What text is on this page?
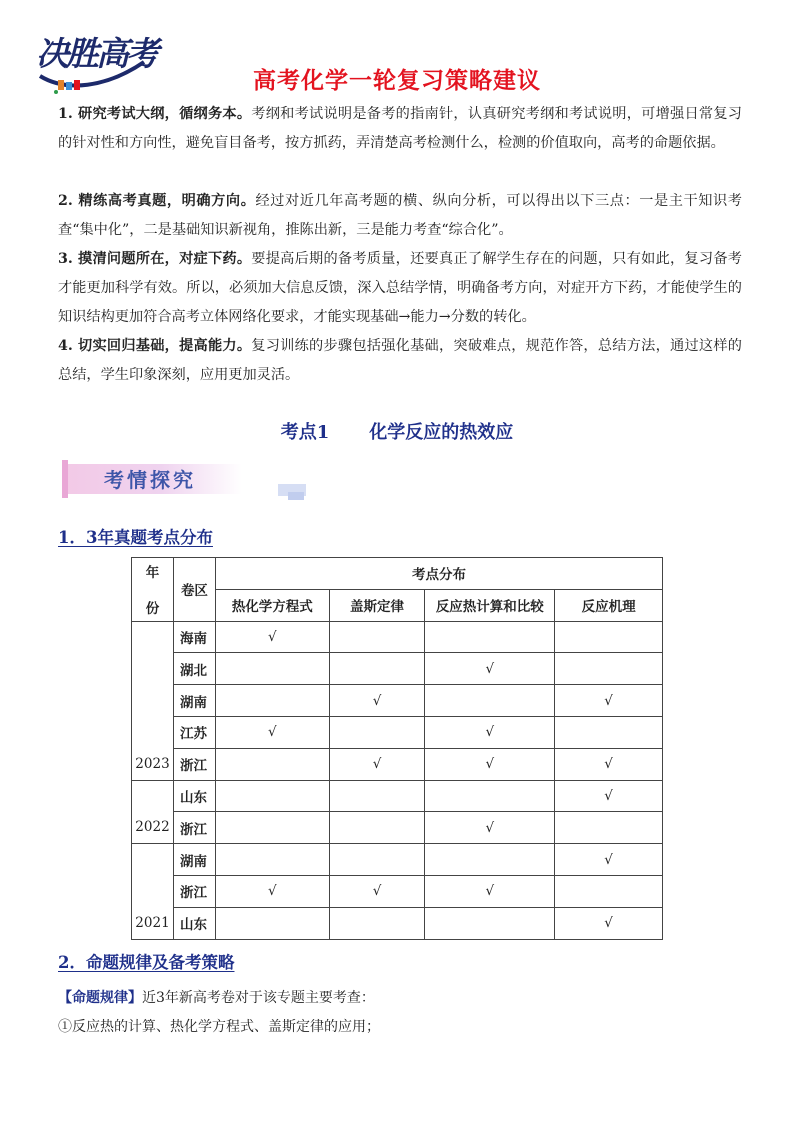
决胜高考
高考化学一轮复习策略建议
1. 研究考试大纲，循纲务本。考纲和考试说明是备考的指南针，认真研究考纲和考试说明，可增强日常复习的针对性和方向性，避免盲目备考，按方抓药，弄清楚高考检测什么，检测的价值取向，高考的命题依据。
2. 精练高考真题，明确方向。经过对近几年高考题的横、纵向分析，可以得出以下三点：一是主干知识考查“集中化”，二是基础知识新视角，推陈出新，三是能力考查“综合化”。
3. 摸清问题所在，对症下药。要提高后期的备考质量，还要真正了解学生存在的问题，只有如此，复习备考才能更加科学有效。所以，必须加大信息反馈，深入总结学情，明确备考方向，对症开方下药，才能使学生的知识结构更加符合高考立体网络化要求，才能实现基础→能力→分数的转化。
4. 切实回归基础，提高能力。复习训练的步骤包括强化基础，突破难点，规范作答，总结方法，通过这样的总结，学生印象深刻，应用更加灵活。
考点1 化学反应的热效应
考情探究
1．3年真题考点分布
年

份	卷区	考点分布			
		热化学方程式	盖斯定律	反应热计算和比较	反应机理
2023	海南	√			
	湖北			√	
	湖南		√		√
	江苏	√		√	
	浙江		√	√	√
2022	山东				√
	浙江			√	
2021	湖南				√
	浙江	√	√	√	
	山东				√
2．命题规律及备考策略
【命题规律】近3年新高考卷对于该专题主要考查：
①反应热的计算、热化学方程式、盖斯定律的应用；
